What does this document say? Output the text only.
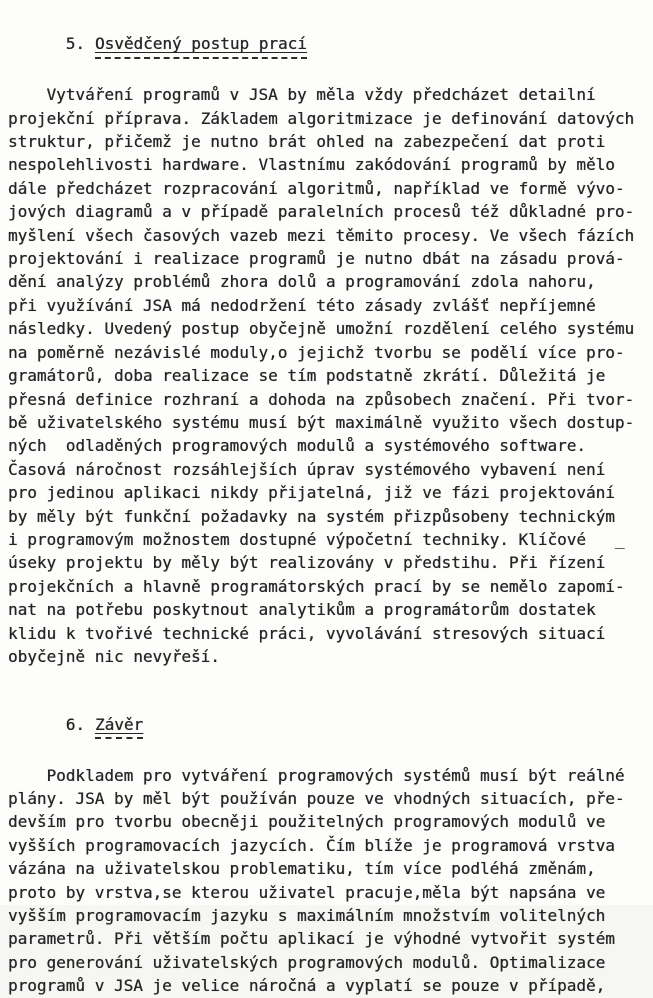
5. Osvědčený postup prací

Vytváření programů v JSA by měla vždy předcházet detailní
projekční příprava. Základem algoritmizace je definování datových
struktur, přičemž je nutno brát ohled na zabezpečení dat proti
nespolehlivosti hardware. Vlastnímu zakódování programů by mělo
dále předcházet rozpracování algoritmů, například ve formě vývo-
jových diagramů a v případě paralelních procesů též důkladné pro-
myšlení všech časových vazeb mezi těmito procesy. Ve všech fázích
projektování i realizace programů je nutno dbát na zásadu prová-
dění analýzy problémů zhora dolů a programování zdola nahoru,
při využívání JSA má nedodržení této zásady zvlášť nepříjemné
následky. Uvedený postup obyčejně umožní rozdělení celého systému
na poměrně nezávislé moduly,o jejichž tvorbu se podělí více pro-
gramátorů, doba realizace se tím podstatně zkrátí. Důležitá je
přesná definice rozhraní a dohoda na způsobech značení. Při tvor-
bě uživatelského systému musí být maximálně využito všech dostup-
ných  odladěných programových modulů a systémového software.
Časová náročnost rozsáhlejších úprav systémového vybavení není
pro jedinou aplikaci nikdy přijatelná, již ve fázi projektování
by měly být funkční požadavky na systém přizpůsobeny technickým
i programovým možnostem dostupné výpočetní techniky. Klíčové   _
úseky projektu by měly být realizovány v předstihu. Při řízení
projekčních a hlavně programátorských prací by se nemělo zapomí-
nat na potřebu poskytnout analytikům a programátorům dostatek
klidu k tvořivé technické práci, vyvolávání stresových situací
obyčejně nic nevyřeší.

6. Závěr

Podkladem pro vytváření programových systémů musí být reálné
plány. JSA by měl být používán pouze ve vhodných situacích, pře-
devším pro tvorbu obecněji použitelných programových modulů ve
vyšších programovacích jazycích. Čím blíže je programová vrstva
vázána na uživatelskou problematiku, tím více podléhá změnám,
proto by vrstva,se kterou uživatel pracuje,měla být napsána ve
vyšším programovacím jazyku s maximálním množstvím volitelných
parametrů. Při větším počtu aplikací je výhodné vytvořit systém
pro generování uživatelských programových modulů. Optimalizace
programů v JSA je velice náročná a vyplatí se pouze v případě,
